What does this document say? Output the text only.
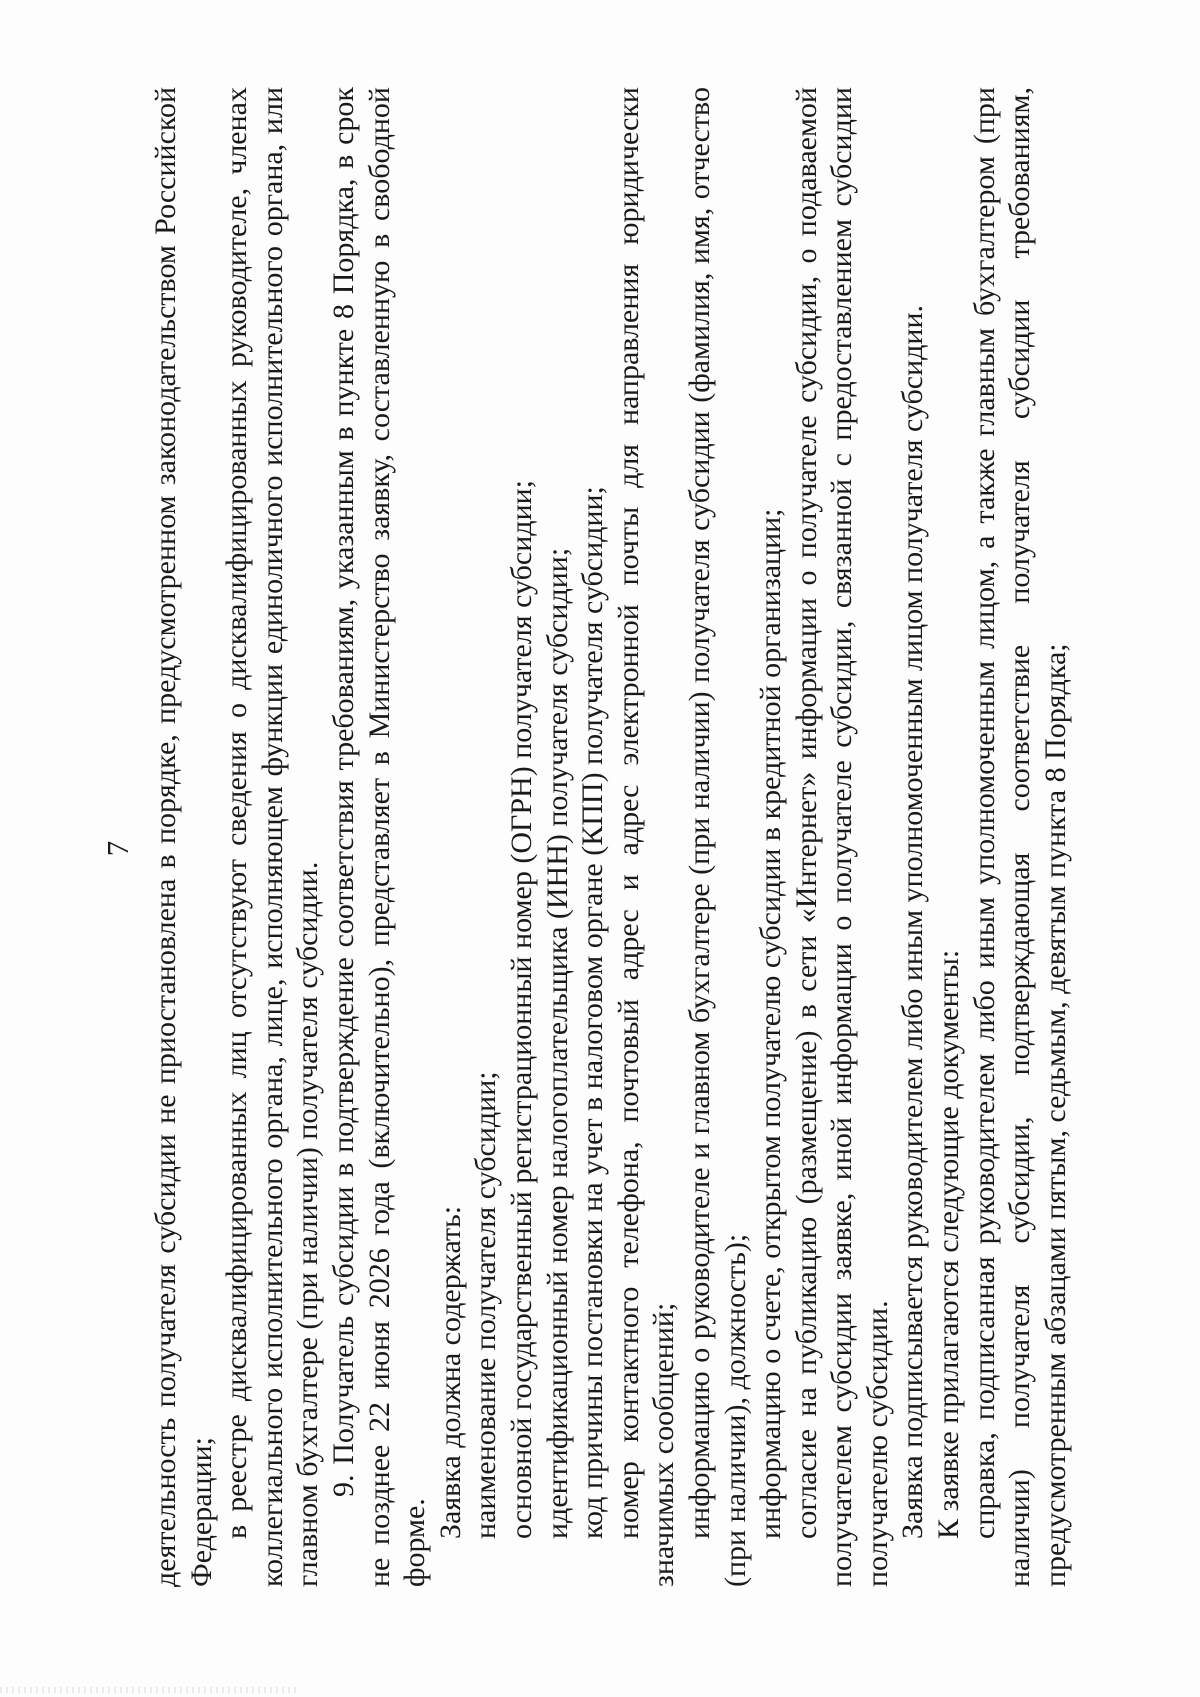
7 деятельность получателя субсидии не приостановлена в порядке, предусмотренном законодательством Российской Федерации; в реестре дисквалифицированных лиц отсутствуют сведения о дисквалифицированных руководителе, членах коллегиального исполнительного органа, лице, исполняющем функции единоличного исполнительного органа, или главном бухгалтере (при наличии) получателя субсидии. 9. Получатель субсидии в подтверждение соответствия требованиям, указанным в пункте 8 Порядка, в срок не позднее 22 июня 2026 года (включительно), представляет в Министерство заявку, составленную в свободной форме.

Заявка должна содержать: наименование получателя субсидии; основной государственный регистрационный номер (ОГРН) получателя субсидии; идентификационный номер налогоплательщика (ИНН) получателя субсидии; код причины постановки на учет в налоговом органе (КПП) получателя субсидии; номер контактного телефона, почтовый адрес и адрес электронной почты для направления юридически значимых сообщений; информацию о руководителе и главном бухгалтере (при наличии) получателя субсидии (фамилия, имя, отчество (при наличии), должность); информацию о счете, открытом получателю субсидии в кредитной организации; согласие на публикацию (размещение) в сети «Интернет» информации о получателе субсидии, о подаваемой получателем субсидии заявке, иной информации о получателе субсидии, связанной с предоставлением субсидии получателю субсидии. Заявка подписывается руководителем либо иным уполномоченным лицом получателя субсидии. К заявке прилагаются следующие документы: справка, подписанная руководителем либо иным уполномоченным лицом, а также главным бухгалтером (при наличии) получателя субсидии, подтверждающая соответствие получателя субсидии требованиям, предусмотренным абзацами пятым, седьмым, девятым пункта 8 Порядка;
